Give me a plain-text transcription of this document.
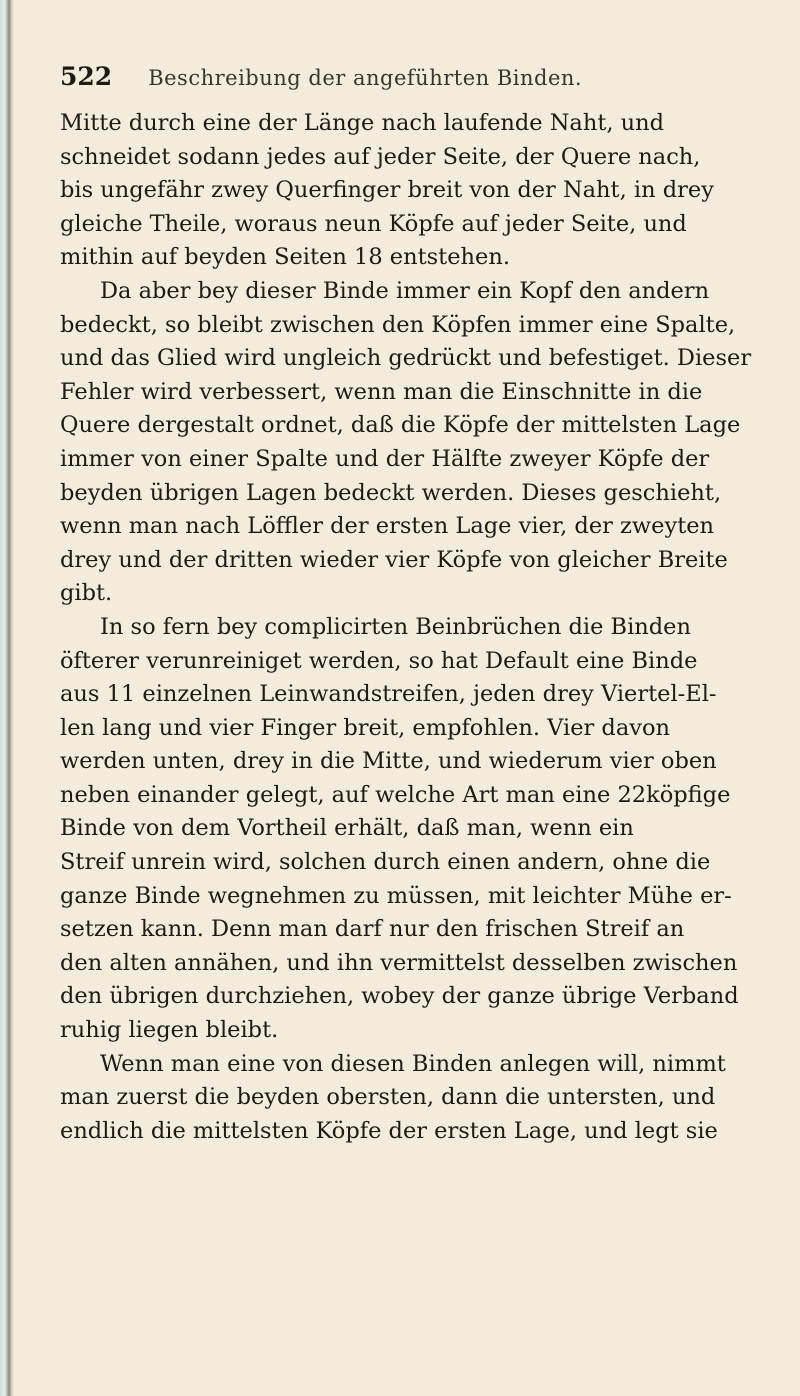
522 Beschreibung der angeführten Binden.

Mitte durch eine der Länge nach laufende Naht, und
schneidet sodann jedes auf jeder Seite, der Quere nach,
bis ungefähr zwey Querfinger breit von der Naht, in drey
gleiche Theile, woraus neun Köpfe auf jeder Seite, und
mithin auf beyden Seiten 18 entstehen.

Da aber bey dieser Binde immer ein Kopf den andern
bedeckt, so bleibt zwischen den Köpfen immer eine Spalte,
und das Glied wird ungleich gedrückt und befestiget. Dieser
Fehler wird verbessert, wenn man die Einschnitte in die
Quere dergestalt ordnet, daß die Köpfe der mittelsten Lage
immer von einer Spalte und der Hälfte zweyer Köpfe der
beyden übrigen Lagen bedeckt werden. Dieses geschieht,
wenn man nach Löffler der ersten Lage vier, der zweyten
drey und der dritten wieder vier Köpfe von gleicher Breite
gibt.

In so fern bey complicirten Beinbrüchen die Binden
öfterer verunreiniget werden, so hat Default eine Binde
aus 11 einzelnen Leinwandstreifen, jeden drey Viertel-El-
len lang und vier Finger breit, empfohlen. Vier davon
werden unten, drey in die Mitte, und wiederum vier oben
neben einander gelegt, auf welche Art man eine 22köpfige
Binde von dem Vortheil erhält, daß man, wenn ein
Streif unrein wird, solchen durch einen andern, ohne die
ganze Binde wegnehmen zu müssen, mit leichter Mühe er-
setzen kann. Denn man darf nur den frischen Streif an
den alten annähen, und ihn vermittelst desselben zwischen
den übrigen durchziehen, wobey der ganze übrige Verband
ruhig liegen bleibt.

Wenn man eine von diesen Binden anlegen will, nimmt
man zuerst die beyden obersten, dann die untersten, und
endlich die mittelsten Köpfe der ersten Lage, und legt sie
